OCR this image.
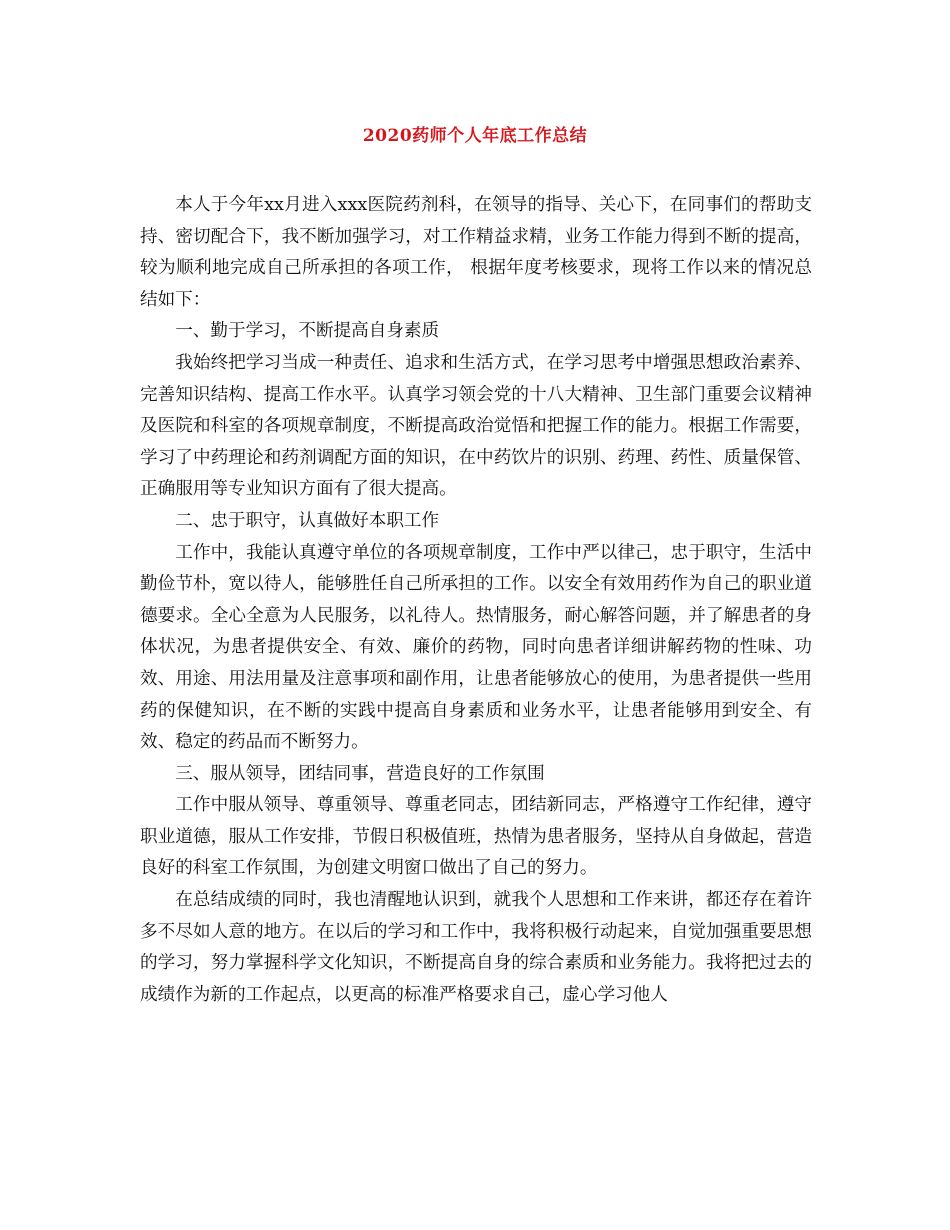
2020药师个人年底工作总结

本人于今年xx月进入xxx医院药剂科，在领导的指导、关心下，在同事们的帮助支持、密切配合下，我不断加强学习，对工作精益求精，业务工作能力得到不断的提高，较为顺利地完成自己所承担的各项工作， 根据年度考核要求，现将工作以来的情况总结如下：

一、勤于学习，不断提高自身素质

我始终把学习当成一种责任、追求和生活方式，在学习思考中增强思想政治素养、完善知识结构、提高工作水平。认真学习领会党的十八大精神、卫生部门重要会议精神及医院和科室的各项规章制度，不断提高政治觉悟和把握工作的能力。根据工作需要，学习了中药理论和药剂调配方面的知识，在中药饮片的识别、药理、药性、质量保管、正确服用等专业知识方面有了很大提高。

二、忠于职守，认真做好本职工作

工作中，我能认真遵守单位的各项规章制度，工作中严以律己，忠于职守，生活中勤俭节朴，宽以待人，能够胜任自己所承担的工作。以安全有效用药作为自己的职业道德要求。全心全意为人民服务，以礼待人。热情服务，耐心解答问题，并了解患者的身体状况，为患者提供安全、有效、廉价的药物，同时向患者详细讲解药物的性味、功效、用途、用法用量及注意事项和副作用，让患者能够放心的使用，为患者提供一些用药的保健知识，在不断的实践中提高自身素质和业务水平，让患者能够用到安全、有效、稳定的药品而不断努力。

三、服从领导，团结同事，营造良好的工作氛围

工作中服从领导、尊重领导、尊重老同志，团结新同志，严格遵守工作纪律，遵守职业道德，服从工作安排，节假日积极值班，热情为患者服务，坚持从自身做起，营造良好的科室工作氛围，为创建文明窗口做出了自己的努力。

在总结成绩的同时，我也清醒地认识到，就我个人思想和工作来讲，都还存在着许多不尽如人意的地方。在以后的学习和工作中，我将积极行动起来，自觉加强重要思想的学习，努力掌握科学文化知识，不断提高自身的综合素质和业务能力。我将把过去的成绩作为新的工作起点，以更高的标准严格要求自己，虚心学习他人
